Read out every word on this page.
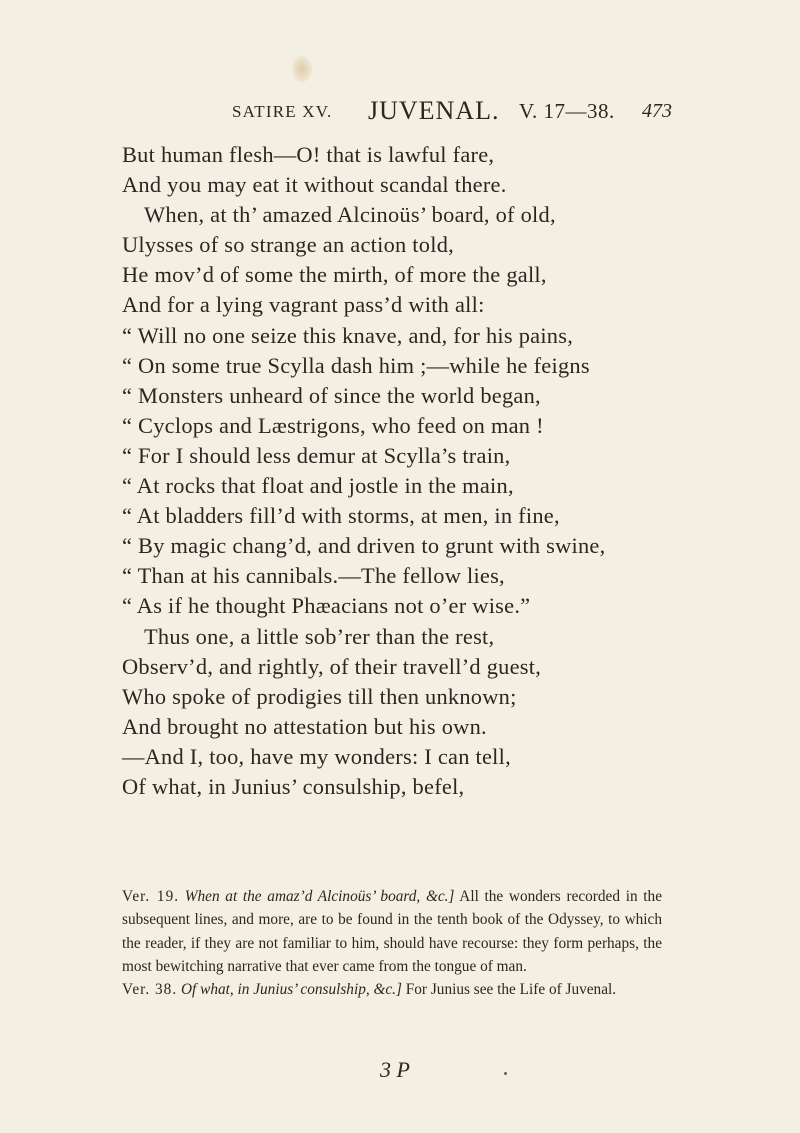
SATIRE XV. JUVENAL. V. 17—38. 473
But human flesh—O! that is lawful fare,
And you may eat it without scandal there.
When, at th’ amazed Alcinoüs’ board, of old,
Ulysses of so strange an action told,
He mov’d of some the mirth, of more the gall,
And for a lying vagrant pass’d with all:
“ Will no one seize this knave, and, for his pains,
“ On some true Scylla dash him ;—while he feigns
“ Monsters unheard of since the world began,
“ Cyclops and Læstrigons, who feed on man !
“ For I should less demur at Scylla’s train,
“ At rocks that float and jostle in the main,
“ At bladders fill’d with storms, at men, in fine,
“ By magic chang’d, and driven to grunt with swine,
“ Than at his cannibals.—The fellow lies,
“ As if he thought Phæacians not o’er wise.”
Thus one, a little sob’rer than the rest,
Observ’d, and rightly, of their travell’d guest,
Who spoke of prodigies till then unknown;
And brought no attestation but his own.
—And I, too, have my wonders: I can tell,
Of what, in Junius’ consulship, befel,

Ver. 19. When at the amaz’d Alcinoüs’ board, &c.] All the wonders recorded in the subsequent lines, and more, are to be found in the tenth book of the Odyssey, to which the reader, if they are not familiar to him, should have recourse: they form perhaps, the most bewitching narrative that ever came from the tongue of man.

Ver. 38. Of what, in Junius’ consulship, &c.] For Junius see the Life of Juvenal.

3 P
